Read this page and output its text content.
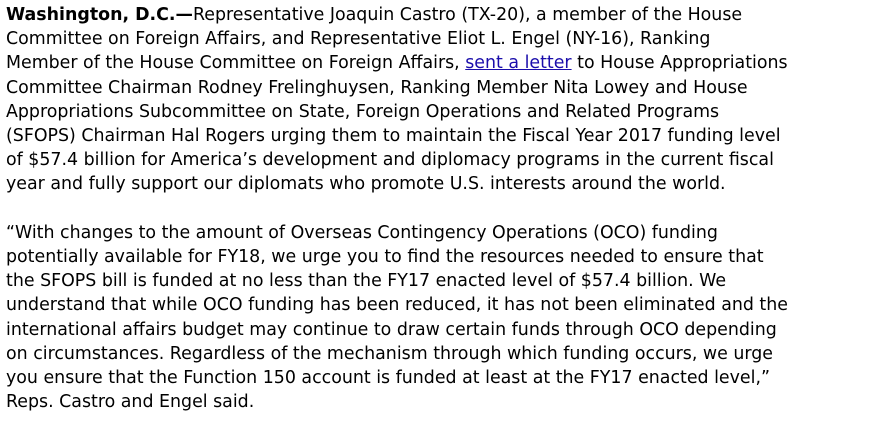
Washington, D.C.—Representative Joaquin Castro (TX-20), a member of the House
Committee on Foreign Affairs, and Representative Eliot L. Engel (NY-16), Ranking
Member of the House Committee on Foreign Affairs, sent a letter to House Appropriations
Committee Chairman Rodney Frelinghuysen, Ranking Member Nita Lowey and House
Appropriations Subcommittee on State, Foreign Operations and Related Programs
(SFOPS) Chairman Hal Rogers urging them to maintain the Fiscal Year 2017 funding level
of $57.4 billion for America’s development and diplomacy programs in the current fiscal
year and fully support our diplomats who promote U.S. interests around the world.

“With changes to the amount of Overseas Contingency Operations (OCO) funding
potentially available for FY18, we urge you to find the resources needed to ensure that
the SFOPS bill is funded at no less than the FY17 enacted level of $57.4 billion. We
understand that while OCO funding has been reduced, it has not been eliminated and the
international affairs budget may continue to draw certain funds through OCO depending
on circumstances. Regardless of the mechanism through which funding occurs, we urge
you ensure that the Function 150 account is funded at least at the FY17 enacted level,”
Reps. Castro and Engel said.
